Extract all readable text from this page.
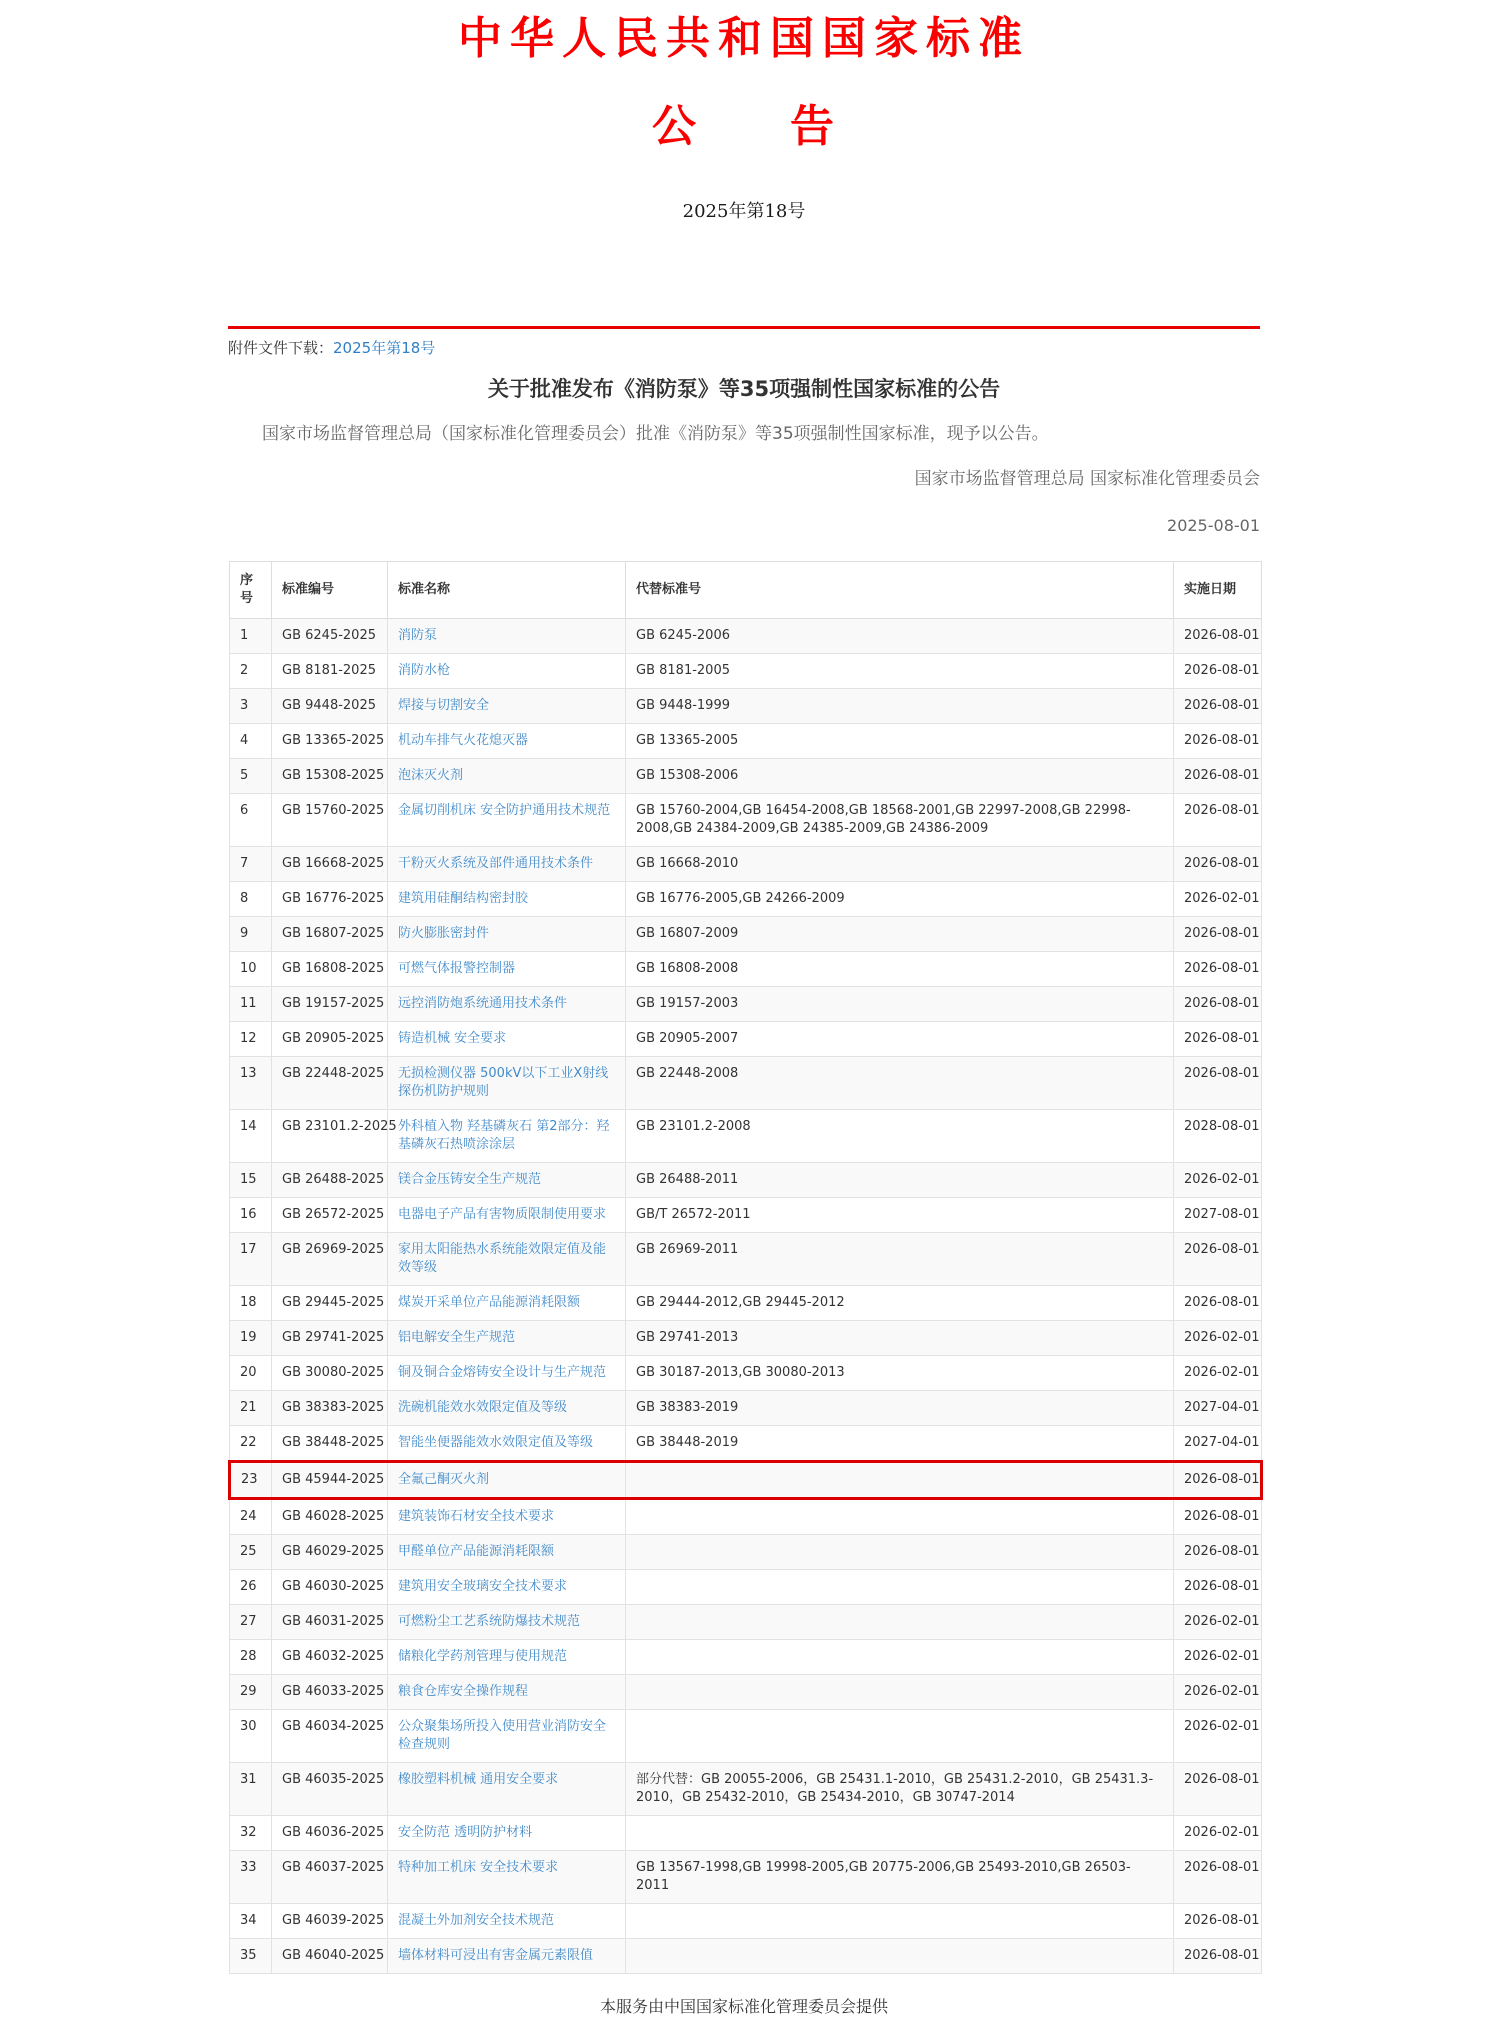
中华人民共和国国家标准
公　　告
2025年第18号
附件文件下载：2025年第18号
关于批准发布《消防泵》等35项强制性国家标准的公告

国家市场监督管理总局（国家标准化管理委员会）批准《消防泵》等35项强制性国家标准，现予以公告。

国家市场监督管理总局 国家标准化管理委员会
2025-08-01
序号	标准编号	标准名称	代替标准号	实施日期
1	GB 6245-2025	消防泵	GB 6245-2006	2026-08-01
2	GB 8181-2025	消防水枪	GB 8181-2005	2026-08-01
3	GB 9448-2025	焊接与切割安全	GB 9448-1999	2026-08-01
4	GB 13365-2025	机动车排气火花熄灭器	GB 13365-2005	2026-08-01
5	GB 15308-2025	泡沫灭火剂	GB 15308-2006	2026-08-01
6	GB 15760-2025	金属切削机床 安全防护通用技术规范	GB 15760-2004,GB 16454-2008,GB 18568-2001,GB 22997-2008,GB 22998-2008,GB 24384-2009,GB 24385-2009,GB 24386-2009	2026-08-01
7	GB 16668-2025	干粉灭火系统及部件通用技术条件	GB 16668-2010	2026-08-01
8	GB 16776-2025	建筑用硅酮结构密封胶	GB 16776-2005,GB 24266-2009	2026-02-01
9	GB 16807-2025	防火膨胀密封件	GB 16807-2009	2026-08-01
10	GB 16808-2025	可燃气体报警控制器	GB 16808-2008	2026-08-01
11	GB 19157-2025	远控消防炮系统通用技术条件	GB 19157-2003	2026-08-01
12	GB 20905-2025	铸造机械 安全要求	GB 20905-2007	2026-08-01
13	GB 22448-2025	无损检测仪器 500kV以下工业X射线探伤机防护规则	GB 22448-2008	2026-08-01
14	GB 23101.2-2025	外科植入物 羟基磷灰石 第2部分：羟基磷灰石热喷涂涂层	GB 23101.2-2008	2028-08-01
15	GB 26488-2025	镁合金压铸安全生产规范	GB 26488-2011	2026-02-01
16	GB 26572-2025	电器电子产品有害物质限制使用要求	GB/T 26572-2011	2027-08-01
17	GB 26969-2025	家用太阳能热水系统能效限定值及能效等级	GB 26969-2011	2026-08-01
18	GB 29445-2025	煤炭开采单位产品能源消耗限额	GB 29444-2012,GB 29445-2012	2026-08-01
19	GB 29741-2025	铝电解安全生产规范	GB 29741-2013	2026-02-01
20	GB 30080-2025	铜及铜合金熔铸安全设计与生产规范	GB 30187-2013,GB 30080-2013	2026-02-01
21	GB 38383-2025	洗碗机能效水效限定值及等级	GB 38383-2019	2027-04-01
22	GB 38448-2025	智能坐便器能效水效限定值及等级	GB 38448-2019	2027-04-01
23	GB 45944-2025	全氟己酮灭火剂		2026-08-01
24	GB 46028-2025	建筑装饰石材安全技术要求		2026-08-01
25	GB 46029-2025	甲醛单位产品能源消耗限额		2026-08-01
26	GB 46030-2025	建筑用安全玻璃安全技术要求		2026-08-01
27	GB 46031-2025	可燃粉尘工艺系统防爆技术规范		2026-02-01
28	GB 46032-2025	储粮化学药剂管理与使用规范		2026-02-01
29	GB 46033-2025	粮食仓库安全操作规程		2026-02-01
30	GB 46034-2025	公众聚集场所投入使用营业消防安全检查规则		2026-02-01
31	GB 46035-2025	橡胶塑料机械 通用安全要求	部分代替：GB 20055-2006，GB 25431.1-2010，GB 25431.2-2010，GB 25431.3-2010，GB 25432-2010，GB 25434-2010，GB 30747-2014	2026-08-01
32	GB 46036-2025	安全防范 透明防护材料		2026-02-01
33	GB 46037-2025	特种加工机床 安全技术要求	GB 13567-1998,GB 19998-2005,GB 20775-2006,GB 25493-2010,GB 26503-2011	2026-08-01
34	GB 46039-2025	混凝土外加剂安全技术规范		2026-08-01
35	GB 46040-2025	墙体材料可浸出有害金属元素限值		2026-08-01
本服务由中国国家标准化管理委员会提供
